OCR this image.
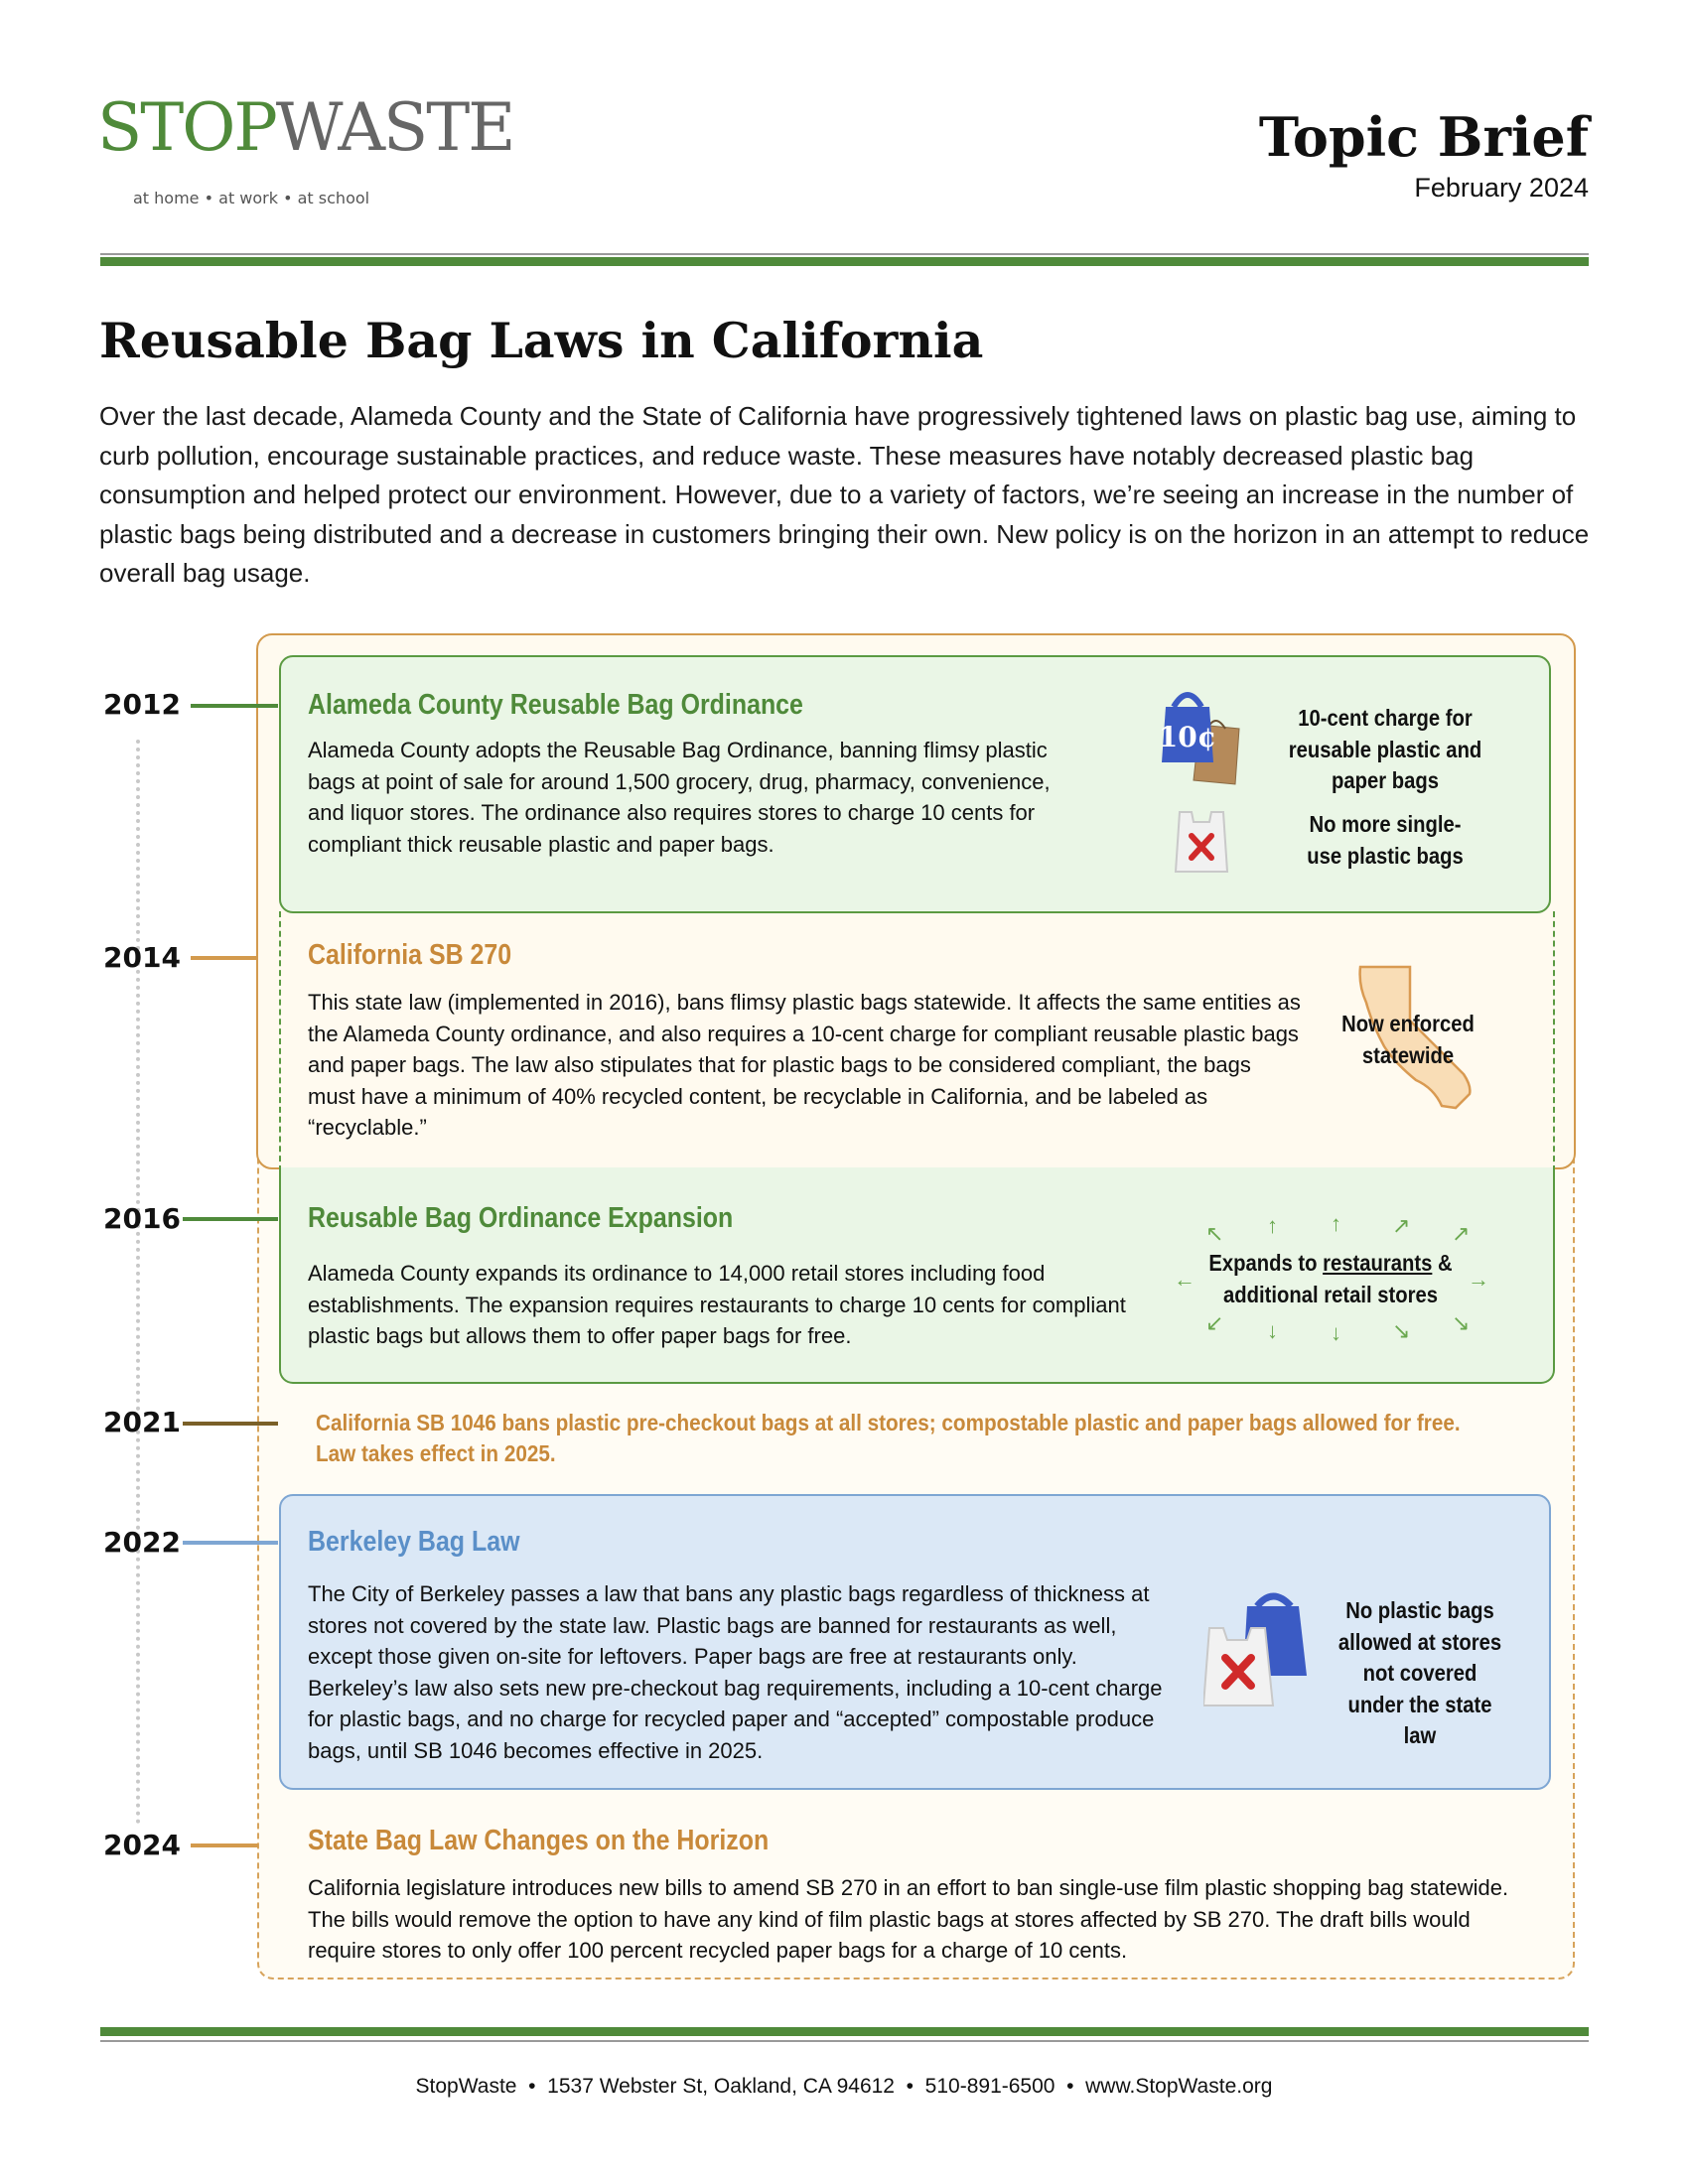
STOPWASTE
at home • at work • at school
Topic Brief
February 2024
Reusable Bag Laws in California
Over the last decade, Alameda County and the State of California have progressively tightened laws on plastic bag use, aiming to curb pollution, encourage sustainable practices, and reduce waste. These measures have notably decreased plastic bag consumption and helped protect our environment. However, due to a variety of factors, we’re seeing an increase in the number of plastic bags being distributed and a decrease in customers bringing their own. New policy is on the horizon in an attempt to reduce overall bag usage.
2012
2014
2016
2021
2022
2024
Alameda County Reusable Bag Ordinance
Alameda County adopts the Reusable Bag Ordinance, banning flimsy plastic bags at point of sale for around 1,500 grocery, drug, pharmacy, convenience, and liquor stores. The ordinance also requires stores to charge 10 cents for compliant thick reusable plastic and paper bags.
10¢
10-cent charge for reusable plastic and paper bags
No more single-use plastic bags
California SB 270
This state law (implemented in 2016), bans flimsy plastic bags statewide. It affects the same entities as the Alameda County ordinance, and also requires a 10-cent charge for compliant reusable plastic bags and paper bags. The law also stipulates that for plastic bags to be considered compliant, the bags must have a minimum of 40% recycled content, be recyclable in California, and be labeled as “recyclable.”
Now enforced statewide
Reusable Bag Ordinance Expansion
Alameda County expands its ordinance to 14,000 retail stores including food establishments. The expansion requires restaurants to charge 10 cents for compliant plastic bags but allows them to offer paper bags for free.
↖ ↑ ↑ ↗ ↗
←	→
↙ ↓ ↓ ↘ ↘
Expands to restaurants &
additional retail stores
California SB 1046 bans plastic pre-checkout bags at all stores; compostable plastic and paper bags allowed for free.
Law takes effect in 2025.
Berkeley Bag Law
The City of Berkeley passes a law that bans any plastic bags regardless of thickness at stores not covered by the state law. Plastic bags are banned for restaurants as well, except those given on-site for leftovers. Paper bags are free at restaurants only. Berkeley’s law also sets new pre-checkout bag requirements, including a 10-cent charge for plastic bags, and no charge for recycled paper and “accepted” compostable produce bags, until SB 1046 becomes effective in 2025.
No plastic bags allowed at stores not covered under the state law
State Bag Law Changes on the Horizon
California legislature introduces new bills to amend SB 270 in an effort to ban single-use film plastic shopping bag statewide. The bills would remove the option to have any kind of film plastic bags at stores affected by SB 270. The draft bills would require stores to only offer 100 percent recycled paper bags for a charge of 10 cents.
StopWaste  •  1537 Webster St, Oakland, CA 94612  •  510-891-6500  •  www.StopWaste.org
